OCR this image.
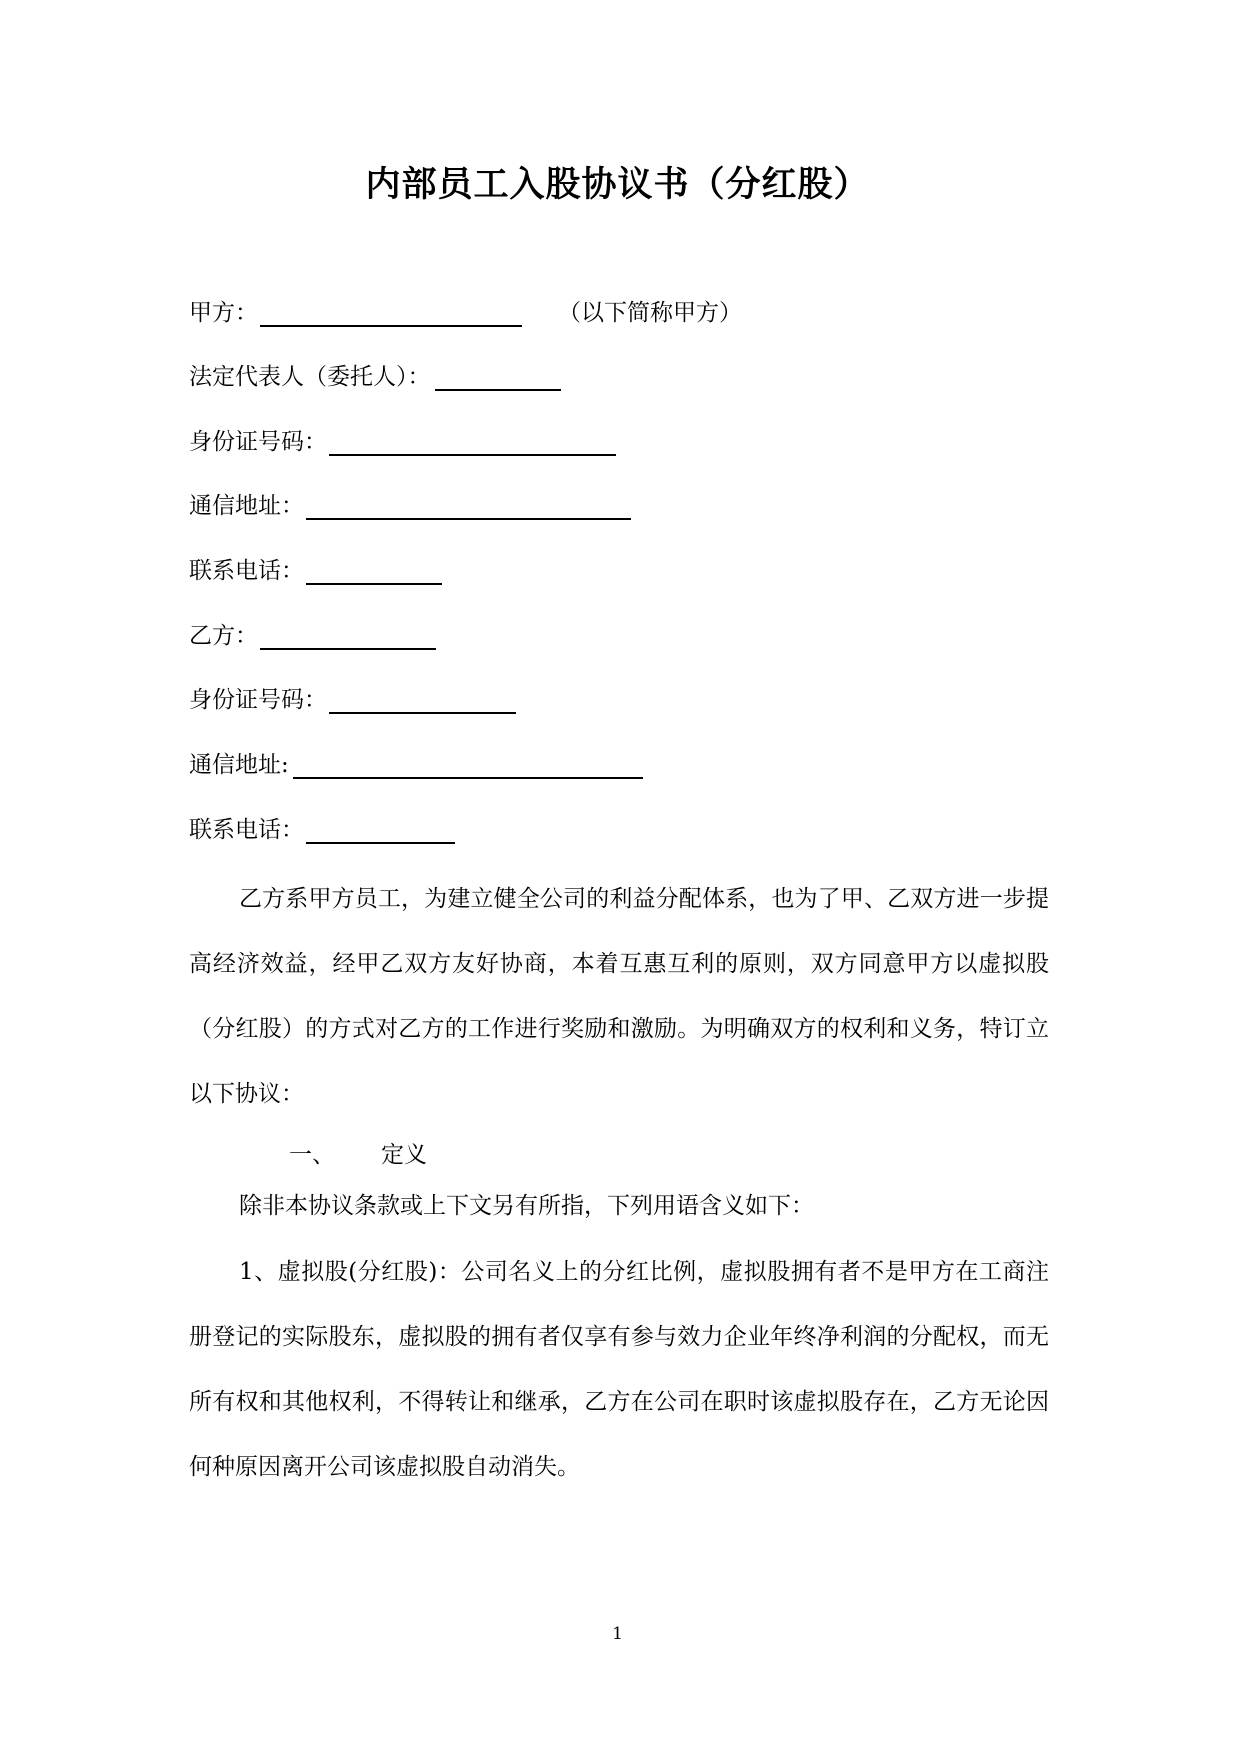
内部员工入股协议书（分红股）
甲方：	（以下简称甲方）
法定代表人（委托人）：
身份证号码：
通信地址：
联系电话：
乙方：
身份证号码：
通信地址:
联系电话：
乙方系甲方员工，为建立健全公司的利益分配体系，也为了甲、乙双方进一步提高经济效益，经甲乙双方友好协商，本着互惠互利的原则，双方同意甲方以虚拟股（分红股）的方式对乙方的工作进行奖励和激励。为明确双方的权利和义务，特订立以下协议：
一、 定义
除非本协议条款或上下文另有所指，下列用语含义如下：
1、虚拟股(分红股)：公司名义上的分红比例，虚拟股拥有者不是甲方在工商注册登记的实际股东，虚拟股的拥有者仅享有参与效力企业年终净利润的分配权，而无所有权和其他权利，不得转让和继承，乙方在公司在职时该虚拟股存在，乙方无论因何种原因离开公司该虚拟股自动消失。
1
